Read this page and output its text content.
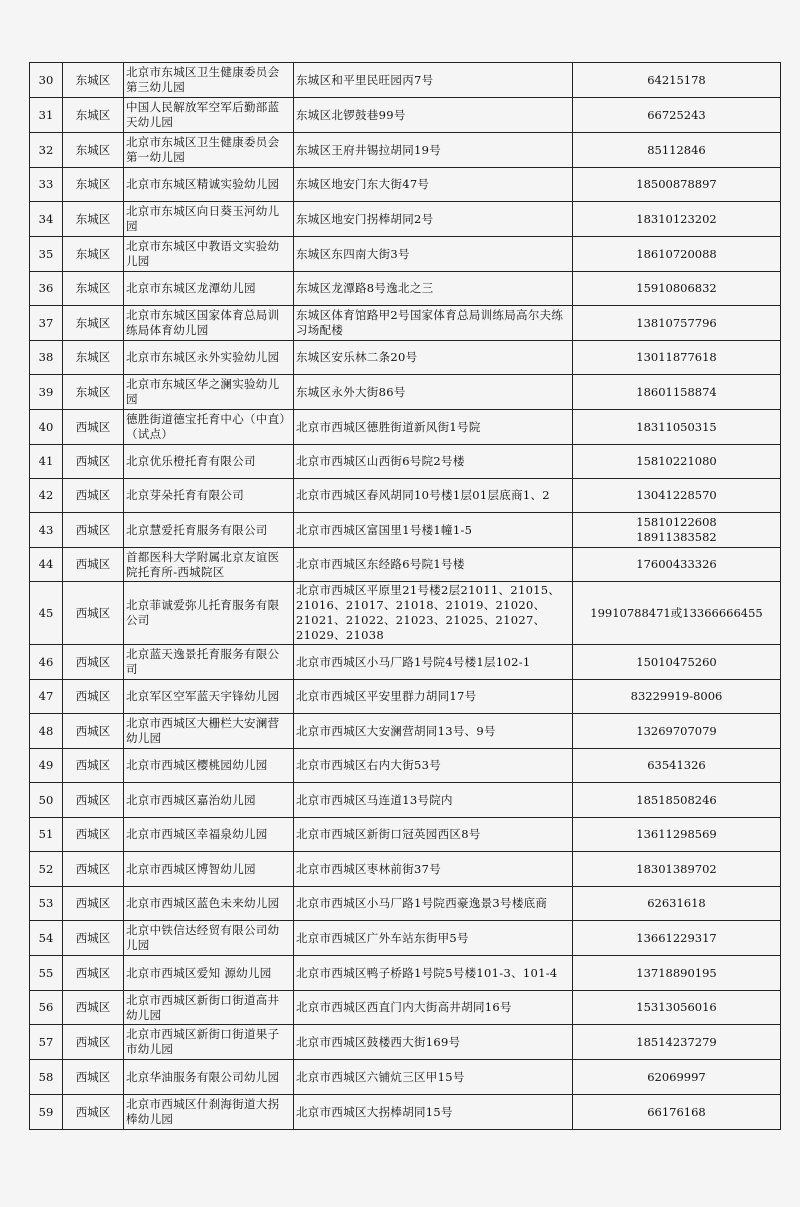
30	东城区	北京市东城区卫生健康委员会第三幼儿园	东城区和平里民旺园丙7号	64215178
31	东城区	中国人民解放军空军后勤部蓝天幼儿园	东城区北锣鼓巷99号	66725243
32	东城区	北京市东城区卫生健康委员会第一幼儿园	东城区王府井锡拉胡同19号	85112846
33	东城区	北京市东城区精诚实验幼儿园	东城区地安门东大街47号	18500878897
34	东城区	北京市东城区向日葵玉河幼儿园	东城区地安门拐棒胡同2号	18310123202
35	东城区	北京市东城区中教语文实验幼儿园	东城区东四南大街3号	18610720088
36	东城区	北京市东城区龙潭幼儿园	东城区龙潭路8号逸北之三	15910806832
37	东城区	北京市东城区国家体育总局训练局体育幼儿园	东城区体育馆路甲2号国家体育总局训练局高尔夫练习场配楼	13810757796
38	东城区	北京市东城区永外实验幼儿园	东城区安乐林二条20号	13011877618
39	东城区	北京市东城区华之澜实验幼儿园	东城区永外大街86号	18601158874
40	西城区	德胜街道德宝托育中心（中直）（试点）	北京市西城区德胜街道新风街1号院	18311050315
41	西城区	北京优乐橙托育有限公司	北京市西城区山西街6号院2号楼	15810221080
42	西城区	北京芽朵托育有限公司	北京市西城区春风胡同10号楼1层01层底商1、2	13041228570
43	西城区	北京慧爱托育服务有限公司	北京市西城区富国里1号楼1幢1-5	15810122608
18911383582
44	西城区	首都医科大学附属北京友谊医院托育所-西城院区	北京市西城区东经路6号院1号楼	17600433326
45	西城区	北京菲诚爱弥儿托育服务有限公司	北京市西城区平原里21号楼2层21011、21015、21016、21017、21018、21019、21020、21021、21022、21023、21025、21027、21029、21038	19910788471或13366666455
46	西城区	北京蓝天逸景托育服务有限公司	北京市西城区小马厂路1号院4号楼1层102-1	15010475260
47	西城区	北京军区空军蓝天宇锋幼儿园	北京市西城区平安里群力胡同17号	83229919-8006
48	西城区	北京市西城区大栅栏大安澜营幼儿园	北京市西城区大安澜营胡同13号、9号	13269707079
49	西城区	北京市西城区樱桃园幼儿园	北京市西城区右内大街53号	63541326
50	西城区	北京市西城区嘉治幼儿园	北京市西城区马连道13号院内	18518508246
51	西城区	北京市西城区幸福泉幼儿园	北京市西城区新街口冠英园西区8号	13611298569
52	西城区	北京市西城区博智幼儿园	北京市西城区枣林前街37号	18301389702
53	西城区	北京市西城区蓝色未来幼儿园	北京市西城区小马厂路1号院西豪逸景3号楼底商	62631618
54	西城区	北京中铁信达经贸有限公司幼儿园	北京市西城区广外车站东街甲5号	13661229317
55	西城区	北京市西城区爱知 源幼儿园	北京市西城区鸭子桥路1号院5号楼101-3、101-4	13718890195
56	西城区	北京市西城区新街口街道高井幼儿园	北京市西城区西直门内大街高井胡同16号	15313056016
57	西城区	北京市西城区新街口街道果子市幼儿园	北京市西城区鼓楼西大街169号	18514237279
58	西城区	北京华油服务有限公司幼儿园	北京市西城区六铺炕三区甲15号	62069997
59	西城区	北京市西城区什刹海街道大拐棒幼儿园	北京市西城区大拐棒胡同15号	66176168
